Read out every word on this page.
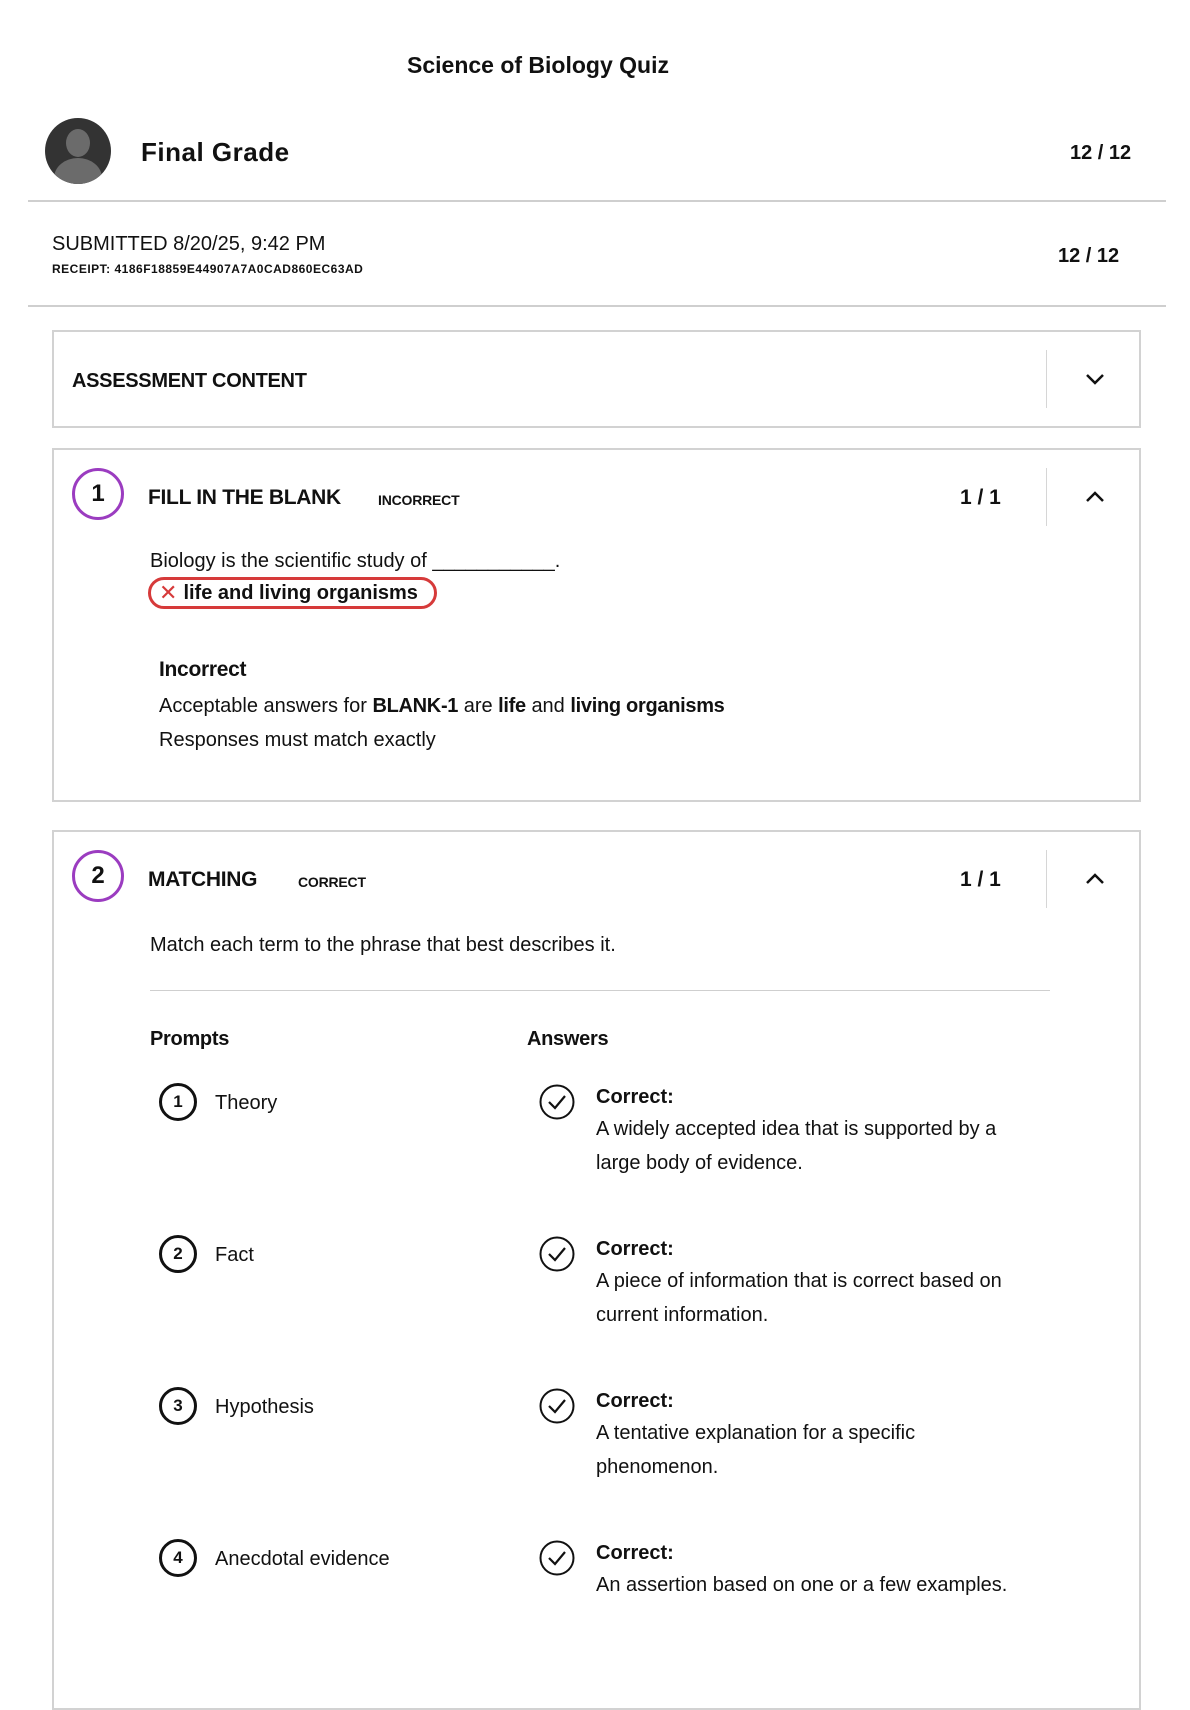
Science of Biology Quiz
Final Grade	12 / 12
SUBMITTED 8/20/25, 9:42 PM
RECEIPT: 4186F18859E44907A7A0CAD860EC63AD
12 / 12
ASSESSMENT CONTENT
1	FILL IN THE BLANK	INCORRECT	1 / 1
Biology is the scientific study of ___________.
✕ life and living organisms
Incorrect
Acceptable answers for BLANK-1 are life and living organisms
Responses must match exactly
2	MATCHING	CORRECT	1 / 1
Match each term to the phrase that best describes it.
Prompts	Answers
1	Theory	Correct:
A widely accepted idea that is supported by a large body of evidence.
2	Fact	Correct:
A piece of information that is correct based on current information.
3	Hypothesis	Correct:
A tentative explanation for a specific phenomenon.
4	Anecdotal evidence	Correct:
An assertion based on one or a few examples.
